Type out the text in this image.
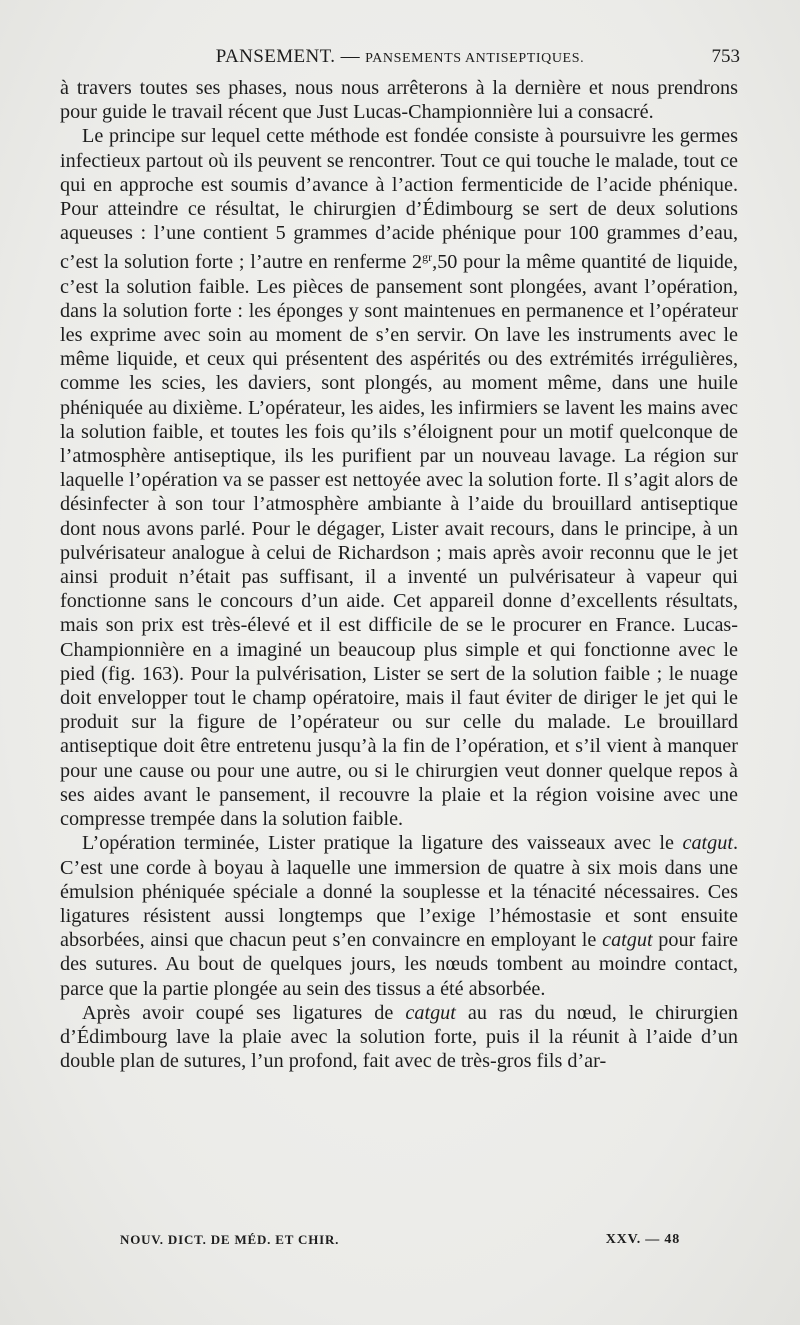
PANSEMENT. — PANSEMENTS ANTISEPTIQUES.	753

à travers toutes ses phases, nous nous arrêterons à la dernière et nous prendrons pour guide le travail récent que Just Lucas-Championnière lui a consacré.

Le principe sur lequel cette méthode est fondée consiste à poursuivre les germes infectieux partout où ils peuvent se rencontrer. Tout ce qui touche le malade, tout ce qui en approche est soumis d’avance à l’action fermenticide de l’acide phénique. Pour atteindre ce résultat, le chirurgien d’Édimbourg se sert de deux solutions aqueuses : l’une contient 5 grammes d’acide phénique pour 100 grammes d’eau, c’est la solution forte ; l’autre en renferme $2^{gr},50$ pour la même quantité de liquide, c’est la solution faible. Les pièces de pansement sont plongées, avant l’opération, dans la solution forte : les éponges y sont maintenues en permanence et l’opérateur les exprime avec soin au moment de s’en servir. On lave les instruments avec le même liquide, et ceux qui présentent des aspérités ou des extrémités irrégulières, comme les scies, les daviers, sont plongés, au moment même, dans une huile phéniquée au dixième. L’opérateur, les aides, les infirmiers se lavent les mains avec la solution faible, et toutes les fois qu’ils s’éloignent pour un motif quelconque de l’atmosphère antiseptique, ils les purifient par un nouveau lavage. La région sur laquelle l’opération va se passer est nettoyée avec la solution forte. Il s’agit alors de désinfecter à son tour l’atmosphère ambiante à l’aide du brouillard antiseptique dont nous avons parlé. Pour le dégager, Lister avait recours, dans le principe, à un pulvérisateur analogue à celui de Richardson ; mais après avoir reconnu que le jet ainsi produit n’était pas suffisant, il a inventé un pulvérisateur à vapeur qui fonctionne sans le concours d’un aide. Cet appareil donne d’excellents résultats, mais son prix est très-élevé et il est difficile de se le procurer en France. Lucas-Championnière en a imaginé un beaucoup plus simple et qui fonctionne avec le pied (fig. 163). Pour la pulvérisation, Lister se sert de la solution faible ; le nuage doit envelopper tout le champ opératoire, mais il faut éviter de diriger le jet qui le produit sur la figure de l’opérateur ou sur celle du malade. Le brouillard antiseptique doit être entretenu jusqu’à la fin de l’opération, et s’il vient à manquer pour une cause ou pour une autre, ou si le chirurgien veut donner quelque repos à ses aides avant le pansement, il recouvre la plaie et la région voisine avec une compresse trempée dans la solution faible.

L’opération terminée, Lister pratique la ligature des vaisseaux avec le catgut. C’est une corde à boyau à laquelle une immersion de quatre à six mois dans une émulsion phéniquée spéciale a donné la souplesse et la ténacité nécessaires. Ces ligatures résistent aussi longtemps que l’exige l’hémostasie et sont ensuite absorbées, ainsi que chacun peut s’en convaincre en employant le catgut pour faire des sutures. Au bout de quelques jours, les nœuds tombent au moindre contact, parce que la partie plongée au sein des tissus a été absorbée.

Après avoir coupé ses ligatures de catgut au ras du nœud, le chirurgien d’Édimbourg lave la plaie avec la solution forte, puis il la réunit à l’aide d’un double plan de sutures, l’un profond, fait avec de très-gros fils d’ar-

NOUV. DICT. DE MÉD. ET CHIR.	XXV. — 48
